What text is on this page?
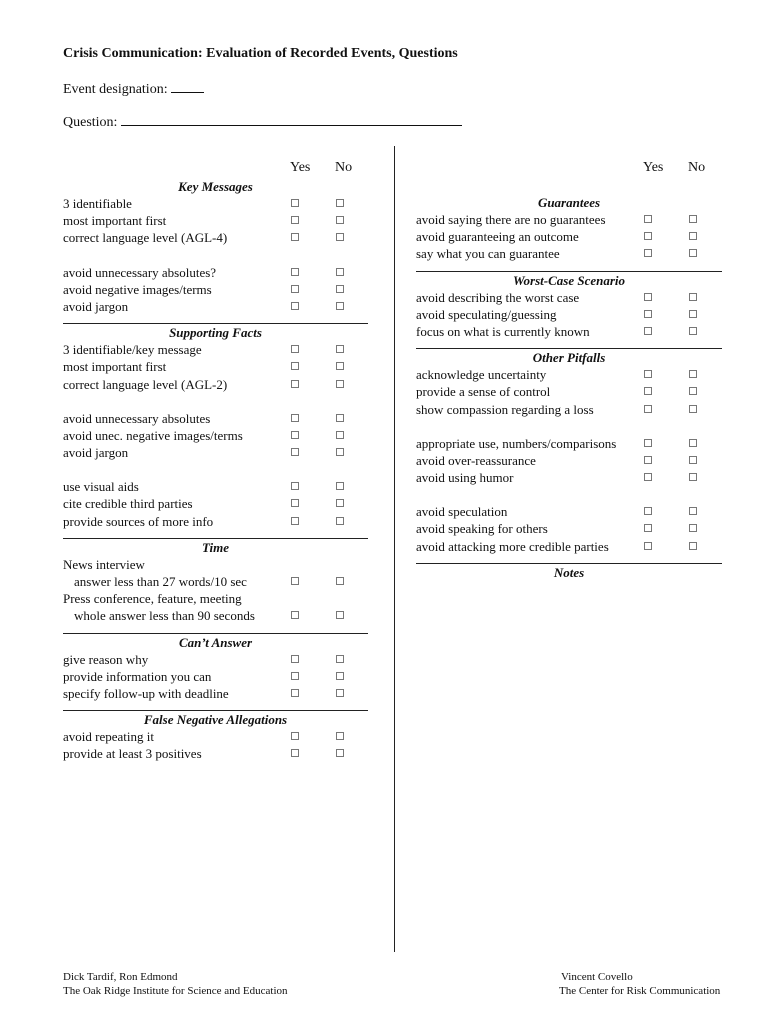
Crisis Communication: Evaluation of Recorded Events, Questions
Event designation:
Question:
Yes No
Key Messages
3 identifiable
most important first
correct language level (AGL-4)
avoid unnecessary absolutes?
avoid negative images/terms
avoid jargon
Supporting Facts
3 identifiable/key message
most important first
correct language level (AGL-2)
avoid unnecessary absolutes
avoid unec. negative images/terms
avoid jargon
use visual aids
cite credible third parties
provide sources of more info
Time
News interview
answer less than 27 words/10 sec
Press conference, feature, meeting
whole answer less than 90 seconds
Can’t Answer
give reason why
provide information you can
specify follow-up with deadline
False Negative Allegations
avoid repeating it
provide at least 3 positives
Yes No
Guarantees
avoid saying there are no guarantees
avoid guaranteeing an outcome
say what you can guarantee
Worst-Case Scenario
avoid describing the worst case
avoid speculating/guessing
focus on what is currently known
Other Pitfalls
acknowledge uncertainty
provide a sense of control
show compassion regarding a loss
appropriate use, numbers/comparisons
avoid over-reassurance
avoid using humor
avoid speculation
avoid speaking for others
avoid attacking more credible parties
Notes
Dick Tardif, Ron Edmond
The Oak Ridge Institute for Science and Education
Vincent Covello
The Center for Risk Communication
